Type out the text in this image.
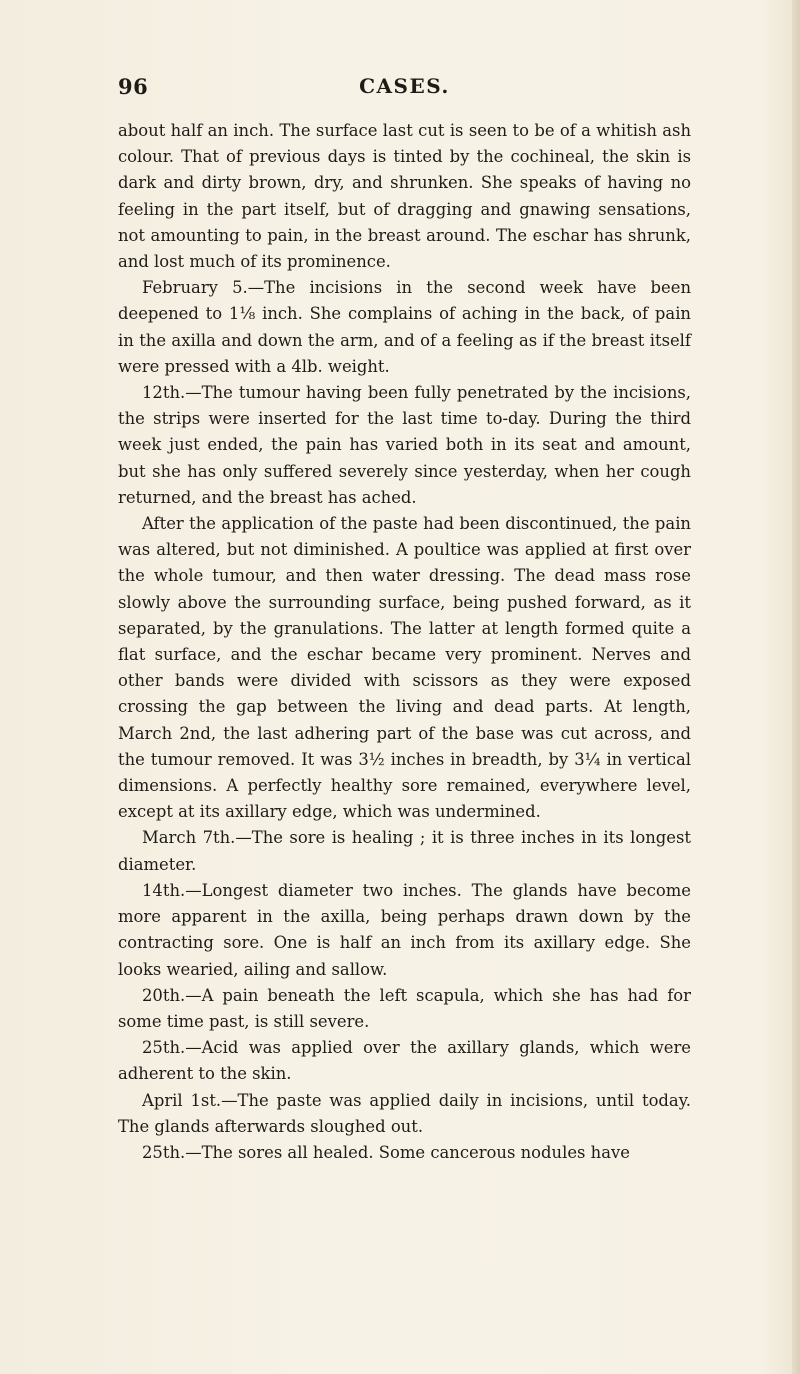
96	CASES.

about half an inch. The surface last cut is seen to be of a whitish ash colour. That of previous days is tinted by the cochineal, the skin is dark and dirty brown, dry, and shrunken. She speaks of having no feeling in the part itself, but of dragging and gnawing sensations, not amounting to pain, in the breast around. The eschar has shrunk, and lost much of its prominence.

February 5.—The incisions in the second week have been deepened to 1⅛ inch. She complains of aching in the back, of pain in the axilla and down the arm, and of a feeling as if the breast itself were pressed with a 4lb. weight.

12th.—The tumour having been fully penetrated by the incisions, the strips were inserted for the last time to-day. During the third week just ended, the pain has varied both in its seat and amount, but she has only suffered severely since yesterday, when her cough returned, and the breast has ached.

After the application of the paste had been discontinued, the pain was altered, but not diminished. A poultice was applied at first over the whole tumour, and then water dressing. The dead mass rose slowly above the surrounding surface, being pushed forward, as it separated, by the granulations. The latter at length formed quite a flat surface, and the eschar became very prominent. Nerves and other bands were divided with scissors as they were exposed crossing the gap between the living and dead parts. At length, March 2nd, the last adhering part of the base was cut across, and the tumour removed. It was 3½ inches in breadth, by 3¼ in vertical dimensions. A perfectly healthy sore remained, everywhere level, except at its axillary edge, which was undermined.

March 7th.—The sore is healing ; it is three inches in its longest diameter.

14th.—Longest diameter two inches. The glands have become more apparent in the axilla, being perhaps drawn down by the contracting sore. One is half an inch from its axillary edge. She looks wearied, ailing and sallow.

20th.—A pain beneath the left scapula, which she has had for some time past, is still severe.

25th.—Acid was applied over the axillary glands, which were adherent to the skin.

April 1st.—The paste was applied daily in incisions, until today. The glands afterwards sloughed out.

25th.—The sores all healed. Some cancerous nodules have
